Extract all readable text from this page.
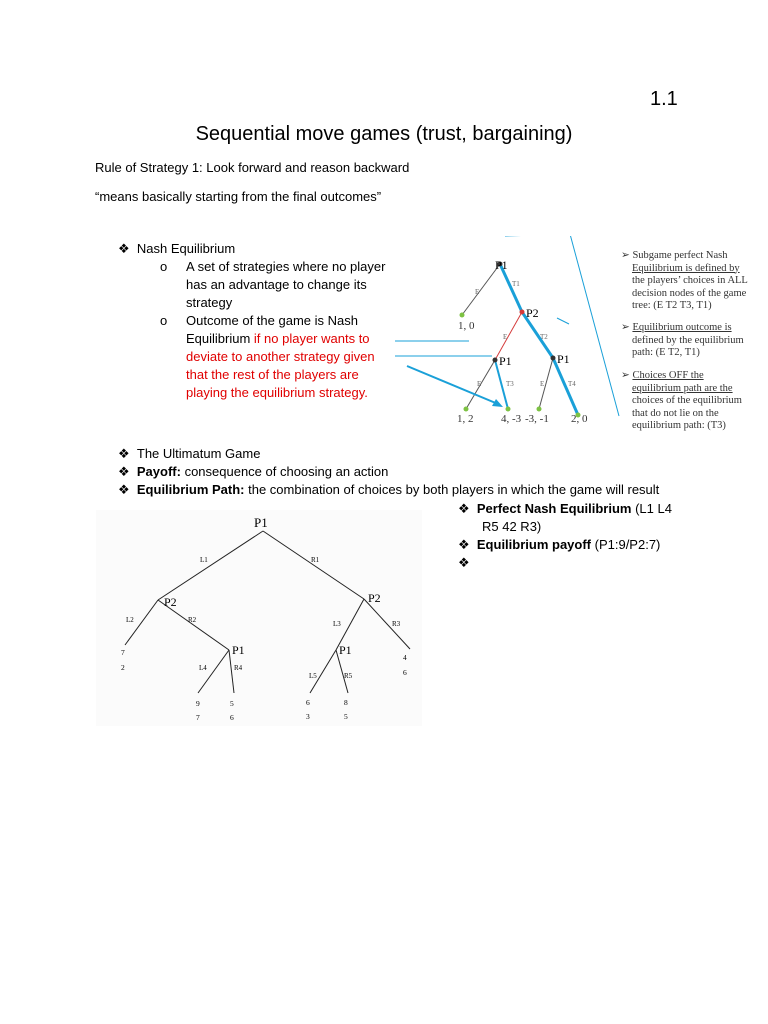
1.1
Sequential move games (trust, bargaining)
Rule of Strategy 1: Look forward and reason backward
“means basically starting from the final outcomes”
❖ Nash Equilibrium
o A set of strategies where no player
has an advantage to change its
strategy
o Outcome of the game is Nash
Equilibrium if no player wants to
deviate to another strategy given
that the rest of the players are
playing the equilibrium strategy.
P1
P2
P1	P1
E
T1
E	T2
E	T3	E	T4
1, 0
1, 2	4, -3 -3, -1 2, 0
➢ Subgame perfect Nash
Equilibrium is defined by
the players’ choices in ALL
decision nodes of the game
tree: (E T2 T3, T1)
➢ Equilibrium outcome is
defined by the equilibrium
path: (E T2, T1)
➢ Choices OFF the
equilibrium path are the
choices of the equilibrium
that do not lie on the
equilibrium path: (T3)
❖ The Ultimatum Game
❖ Payoff: consequence of choosing an action
❖ Equilibrium Path: the combination of choices by both players in which the game will result
❖ Perfect Nash Equilibrium (L1 L4
R5 42 R3)
❖ Equilibrium payoff (P1:9/P2:7)
❖
P1
P2	P2
P1	P1
L1	R1
L2	R2	L3	R3
L4	R4
L5	R5
7
2
9
7
5
6
6
3
8
5
4
6
